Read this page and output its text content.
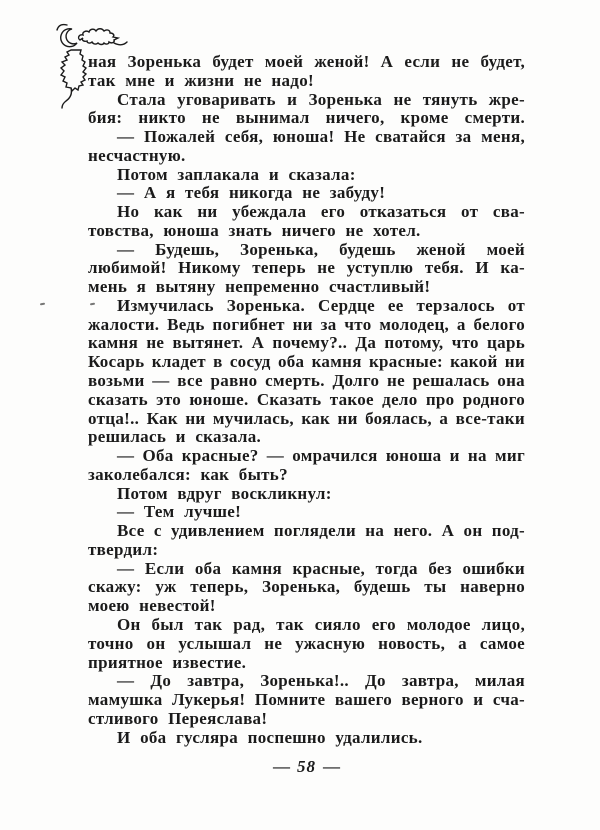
ная Зоренька будет моей женой! А если не будет,
так мне и жизни не надо!
Стала уговаривать и Зоренька не тянуть жре-
бия: никто не вынимал ничего, кроме смерти.
— Пожалей себя, юноша! Не сватайся за меня,
несчастную.
Потом заплакала и сказала:
— А я тебя никогда не забуду!
Но как ни убеждала его отказаться от сва-
товства, юноша знать ничего не хотел.
— Будешь, Зоренька, будешь женой моей
любимой! Никому теперь не уступлю тебя. И ка-
мень я вытяну непременно счастливый!
Измучилась Зоренька. Сердце ее терзалось от
жалости. Ведь погибнет ни за что молодец, а белого
камня не вытянет. А почему?.. Да потому, что царь
Косарь кладет в сосуд оба камня красные: какой ни
возьми — все равно смерть. Долго не решалась она
сказать это юноше. Сказать такое дело про родного
отца!.. Как ни мучилась, как ни боялась, а все-таки
решилась и сказала.
— Оба красные? — омрачился юноша и на миг
заколебался: как быть?
Потом вдруг воскликнул:
— Тем лучше!
Все с удивлением поглядели на него. А он под-
твердил:
— Если оба камня красные, тогда без ошибки
скажу: уж теперь, Зоренька, будешь ты наверно
моею невестой!
Он был так рад, так сияло его молодое лицо,
точно он услышал не ужасную новость, а самое
приятное известие.
— До завтра, Зоренька!.. До завтра, милая
мамушка Лукерья! Помните вашего верного и сча-
стливого Переяслава!
И оба гусляра поспешно удалились.
— 58 —
